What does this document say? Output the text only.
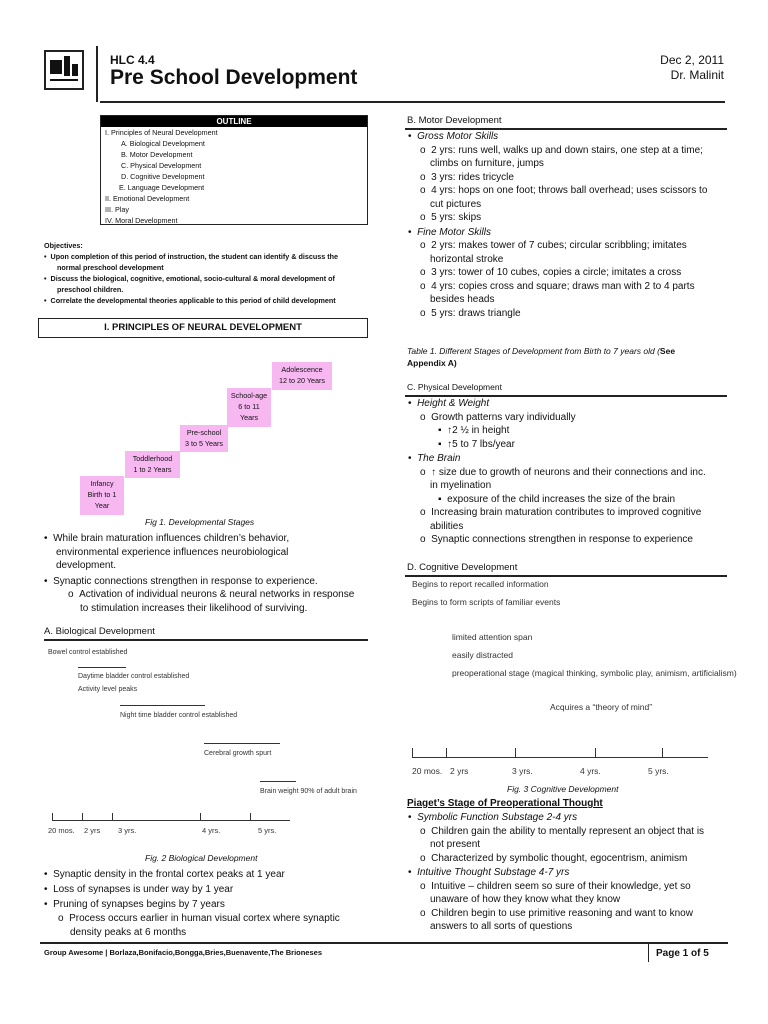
HLC 4.4
Pre School Development
Dec 2, 2011
Dr. Malinit
OUTLINE
I. Principles of Neural Development
A. Biological Development
B. Motor Development
C. Physical Development
D. Cognitive Development
E. Language Development
II. Emotional Development
III. Play
IV. Moral Development
Objectives:
•  Upon completion of this period of instruction, the student can identify & discuss the
normal preschool development
•  Discuss the biological, cognitive, emotional, socio-cultural & moral development of
preschool children.
•  Correlate the developmental theories applicable to this period of child development
I. PRINCIPLES OF NEURAL DEVELOPMENT
Adolescence
12 to 20 Years
School-age
6 to 11
Years
Pre-school
3 to 5 Years
Toddlerhood
1 to 2 Years
Infancy
Birth to 1
Year
Fig 1. Developmental Stages
•  While brain maturation influences children’s behavior,
environmental experience influences neurobiological
development.
•  Synaptic connections strengthen in response to experience.
o  Activation of individual neurons & neural networks in response
to stimulation increases their likelihood of surviving.
A. Biological Development
Bowel control established
Daytime bladder control established
Activity level peaks
Night time bladder control established
Cerebral growth spurt
Brain weight 90% of adult brain
20 mos. 2 yrs 3 yrs.	4 yrs.	5 yrs.
Fig. 2 Biological Development
•  Synaptic density in the frontal cortex peaks at 1 year
•  Loss of synapses is under way by 1 year
•  Pruning of synapses begins by 7 years
o  Process occurs earlier in human visual cortex where synaptic
density peaks at 6 months
B. Motor Development
•  Gross Motor Skills
o  2 yrs: runs well, walks up and down stairs, one step at a time;
climbs on furniture, jumps
o  3 yrs: rides tricycle
o  4 yrs: hops on one foot; throws ball overhead; uses scissors to
cut pictures
o  5 yrs: skips
•  Fine Motor Skills
o  2 yrs: makes tower of 7 cubes; circular scribbling; imitates
horizontal stroke
o  3 yrs: tower of 10 cubes, copies a circle; imitates a cross
o  4 yrs: copies cross and square; draws man with 2 to 4 parts
besides heads
o  5 yrs: draws triangle
Table 1. Different Stages of Development from Birth to 7 years old (See
Appendix A)
C. Physical Development
•  Height & Weight
o  Growth patterns vary individually
▪  ↑2 ½ in height
▪  ↑5 to 7 lbs/year
•  The Brain
o  ↑ size due to growth of neurons and their connections and inc.
in myelination
▪  exposure of the child increases the size of the brain
o  Increasing brain maturation contributes to improved cognitive
abilities
o  Synaptic connections strengthen in response to experience
D. Cognitive Development
Begins to report recalled information
Begins to form scripts of familiar events
limited attention span
easily distracted
preoperational stage (magical thinking, symbolic play, animism, artificialism)
Acquires a “theory of mind”
20 mos. 2 yrs	3 yrs.	4 yrs.	5 yrs.
Fig. 3 Cognitive Development
Piaget’s Stage of Preoperational Thought
•  Symbolic Function Substage 2-4 yrs
o  Children gain the ability to mentally represent an object that is
not present
o  Characterized by symbolic thought, egocentrism, animism
•  Intuitive Thought Substage 4-7 yrs
o  Intuitive – children seem so sure of their knowledge, yet so
unaware of how they know what they know
o  Children begin to use primitive reasoning and want to know
answers to all sorts of questions
Group Awesome | Borlaza,Bonifacio,Bongga,Bries,Buenavente,The Brioneses	Page 1 of 5
